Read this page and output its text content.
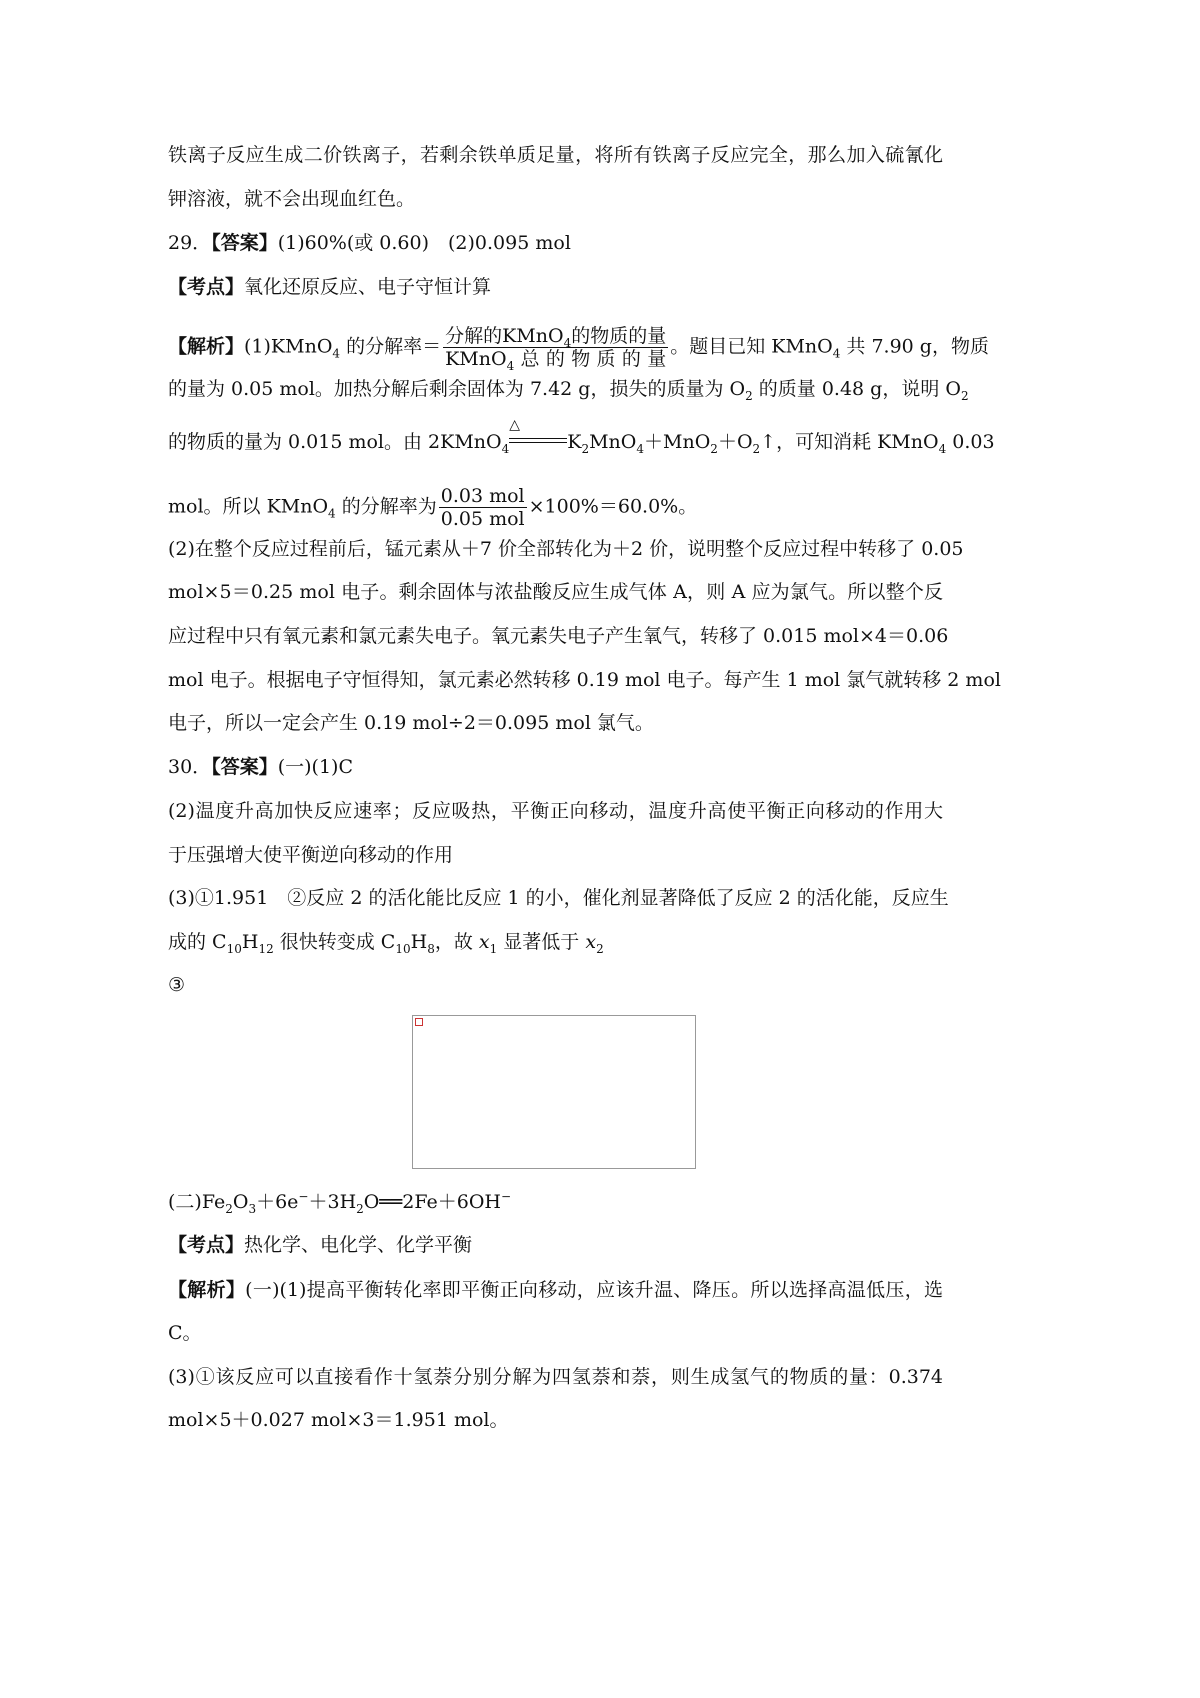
铁离子反应生成二价铁离子，若剩余铁单质足量，将所有铁离子反应完全，那么加入硫氰化
钾溶液，就不会出现血红色。
29．【答案】(1)60%(或 0.60)　(2)0.095 mol
【考点】氧化还原反应、电子守恒计算
【解析】(1)KMnO$_4$ 的分解率＝ $\frac{分解的KMnO_4的物质的量}{KMnO_4总的物质的量}$ 。题目已知 KMnO$_4$ 共 7.90 g，物质
的量为 0.05 mol。加热分解后剩余固体为 7.42 g，损失的质量为 $O_2$ 的质量 0.48 g，说明 $O_2$
的物质的量为 0.015 mol。由 2KMnO$_4$
△
$K_2MnO_4+MnO_2+O_2↑$，可知消耗 KMnO$_4$ 0.03
mol。所以 KMnO$_4$ 的分解率为 $\frac{\text{0.03 mol}}{\text{0.05 mol}} \times 100\%=60.0\%$。
(2)在整个反应过程前后，锰元素从＋7 价全部转化为＋2 价，说明整个反应过程中转移了 0.05
mol×5＝0.25 mol 电子。剩余固体与浓盐酸反应生成气体 A，则 A 应为氯气。所以整个反
应过程中只有氧元素和氯元素失电子。氧元素失电子产生氧气，转移了 0.015 mol×4＝0.06
mol 电子。根据电子守恒得知，氯元素必然转移 0.19 mol 电子。每产生 1 mol 氯气就转移 2 mol
电子，所以一定会产生 0.19 mol÷2＝0.095 mol 氯气。
30．【答案】(一)(1)C
(2)温度升高加快反应速率；反应吸热，平衡正向移动，温度升高使平衡正向移动的作用大
于压强增大使平衡逆向移动的作用
(3)①1.951　②反应 2 的活化能比反应 1 的小，催化剂显著降低了反应 2 的活化能，反应生
成的 $C_{10}H_{12}$ 很快转变成 $C_{10}H_8$，故 $x_1$ 显著低于 $x_2$
③
(二)$Fe_2O_3+6e^-+3H_2O══2Fe+6OH^-$
【考点】热化学、电化学、化学平衡
【解析】(一)(1)提高平衡转化率即平衡正向移动，应该升温、降压。所以选择高温低压，选
C。
(3)①该反应可以直接看作十氢萘分别分解为四氢萘和萘，则生成氢气的物质的量：0.374
mol×5＋0.027 mol×3＝1.951 mol。
